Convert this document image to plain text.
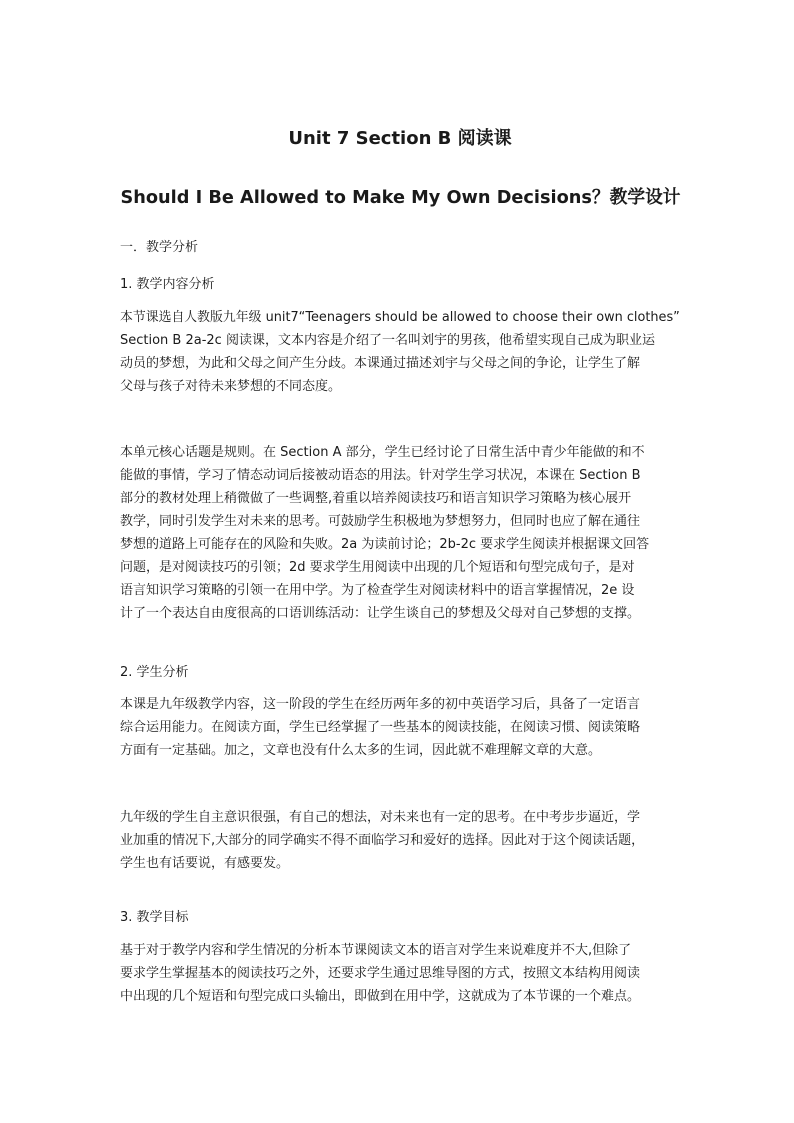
Unit 7 Section B 阅读课
Should I Be Allowed to Make My Own Decisions？教学设计
一．教学分析
1. 教学内容分析
本节课选自人教版九年级 unit7“Teenagers should be allowed to choose their own clothes”
Section B 2a-2c 阅读课，文本内容是介绍了一名叫刘宇的男孩，他希望实现自己成为职业运
动员的梦想，为此和父母之间产生分歧。本课通过描述刘宇与父母之间的争论，让学生了解
父母与孩子对待未来梦想的不同态度。
本单元核心话题是规则。在 Section A 部分，学生已经讨论了日常生活中青少年能做的和不
能做的事情，学习了情态动词后接被动语态的用法。针对学生学习状况，本课在 Section B
部分的教材处理上稍微做了一些调整,着重以培养阅读技巧和语言知识学习策略为核心展开
教学，同时引发学生对未来的思考。可鼓励学生积极地为梦想努力，但同时也应了解在通往
梦想的道路上可能存在的风险和失败。2a 为读前讨论；2b-2c 要求学生阅读并根据课文回答
问题，是对阅读技巧的引领；2d 要求学生用阅读中出现的几个短语和句型完成句子，是对
语言知识学习策略的引领一在用中学。为了检查学生对阅读材料中的语言掌握情况，2e 设
计了一个表达自由度很高的口语训练活动：让学生谈自己的梦想及父母对自己梦想的支撑。
2. 学生分析
本课是九年级教学内容，这一阶段的学生在经历两年多的初中英语学习后，具备了一定语言
综合运用能力。在阅读方面，学生已经掌握了一些基本的阅读技能，在阅读习惯、阅读策略
方面有一定基础。加之，文章也没有什么太多的生词，因此就不难理解文章的大意。
九年级的学生自主意识很强，有自己的想法，对未来也有一定的思考。在中考步步逼近，学
业加重的情况下,大部分的同学确实不得不面临学习和爱好的选择。因此对于这个阅读话题，
学生也有话要说，有感要发。
3. 教学目标
基于对于教学内容和学生情况的分析本节课阅读文本的语言对学生来说难度并不大,但除了
要求学生掌握基本的阅读技巧之外，还要求学生通过思维导图的方式，按照文本结构用阅读
中出现的几个短语和句型完成口头输出，即做到在用中学，这就成为了本节课的一个难点。
